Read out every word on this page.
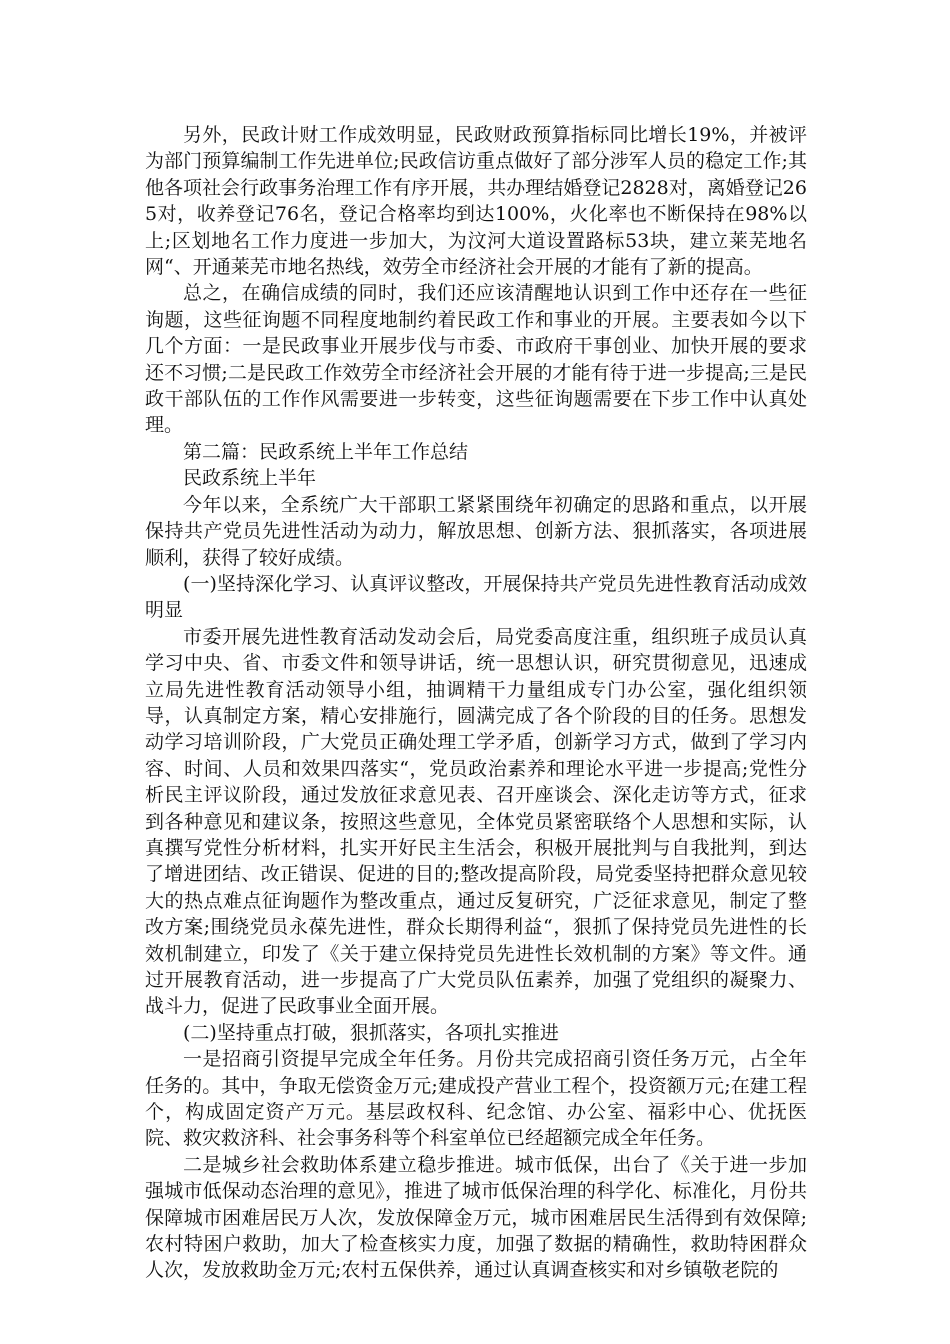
另外，民政计财工作成效明显，民政财政预算指标同比增长19%，并被评为部门预算编制工作先进单位;民政信访重点做好了部分涉军人员的稳定工作;其他各项社会行政事务治理工作有序开展，共办理结婚登记2828对，离婚登记265对，收养登记76名，登记合格率均到达100%，火化率也不断保持在98%以上;区划地名工作力度进一步加大，为汶河大道设置路标53块，建立莱芜地名网“、开通莱芜市地名热线，效劳全市经济社会开展的才能有了新的提高。

总之，在确信成绩的同时，我们还应该清醒地认识到工作中还存在一些征询题，这些征询题不同程度地制约着民政工作和事业的开展。主要表如今以下几个方面：一是民政事业开展步伐与市委、市政府干事创业、加快开展的要求还不习惯;二是民政工作效劳全市经济社会开展的才能有待于进一步提高;三是民政干部队伍的工作作风需要进一步转变，这些征询题需要在下步工作中认真处理。

第二篇：民政系统上半年工作总结

民政系统上半年

今年以来，全系统广大干部职工紧紧围绕年初确定的思路和重点，以开展保持共产党员先进性活动为动力，解放思想、创新方法、狠抓落实，各项进展顺利，获得了较好成绩。

(一)坚持深化学习、认真评议整改，开展保持共产党员先进性教育活动成效明显

市委开展先进性教育活动发动会后，局党委高度注重，组织班子成员认真学习中央、省、市委文件和领导讲话，统一思想认识，研究贯彻意见，迅速成立局先进性教育活动领导小组，抽调精干力量组成专门办公室，强化组织领导，认真制定方案，精心安排施行，圆满完成了各个阶段的目的任务。思想发动学习培训阶段，广大党员正确处理工学矛盾，创新学习方式，做到了学习内容、时间、人员和效果四落实“，党员政治素养和理论水平进一步提高;党性分析民主评议阶段，通过发放征求意见表、召开座谈会、深化走访等方式，征求到各种意见和建议条，按照这些意见，全体党员紧密联络个人思想和实际，认真撰写党性分析材料，扎实开好民主生活会，积极开展批判与自我批判，到达了增进团结、改正错误、促进的目的;整改提高阶段，局党委坚持把群众意见较大的热点难点征询题作为整改重点，通过反复研究，广泛征求意见，制定了整改方案;围绕党员永葆先进性，群众长期得利益“，狠抓了保持党员先进性的长效机制建立，印发了《关于建立保持党员先进性长效机制的方案》等文件。通过开展教育活动，进一步提高了广大党员队伍素养，加强了党组织的凝聚力、战斗力，促进了民政事业全面开展。

(二)坚持重点打破，狠抓落实，各项扎实推进

一是招商引资提早完成全年任务。月份共完成招商引资任务万元，占全年任务的。其中，争取无偿资金万元;建成投产营业工程个，投资额万元;在建工程个，构成固定资产万元。基层政权科、纪念馆、办公室、福彩中心、优抚医院、救灾救济科、社会事务科等个科室单位已经超额完成全年任务。

二是城乡社会救助体系建立稳步推进。城市低保，出台了《关于进一步加强城市低保动态治理的意见》，推进了城市低保治理的科学化、标准化，月份共保障城市困难居民万人次，发放保障金万元，城市困难居民生活得到有效保障;农村特困户救助，加大了检查核实力度，加强了数据的精确性，救助特困群众人次，发放救助金万元;农村五保供养，通过认真调查核实和对乡镇敬老院的
